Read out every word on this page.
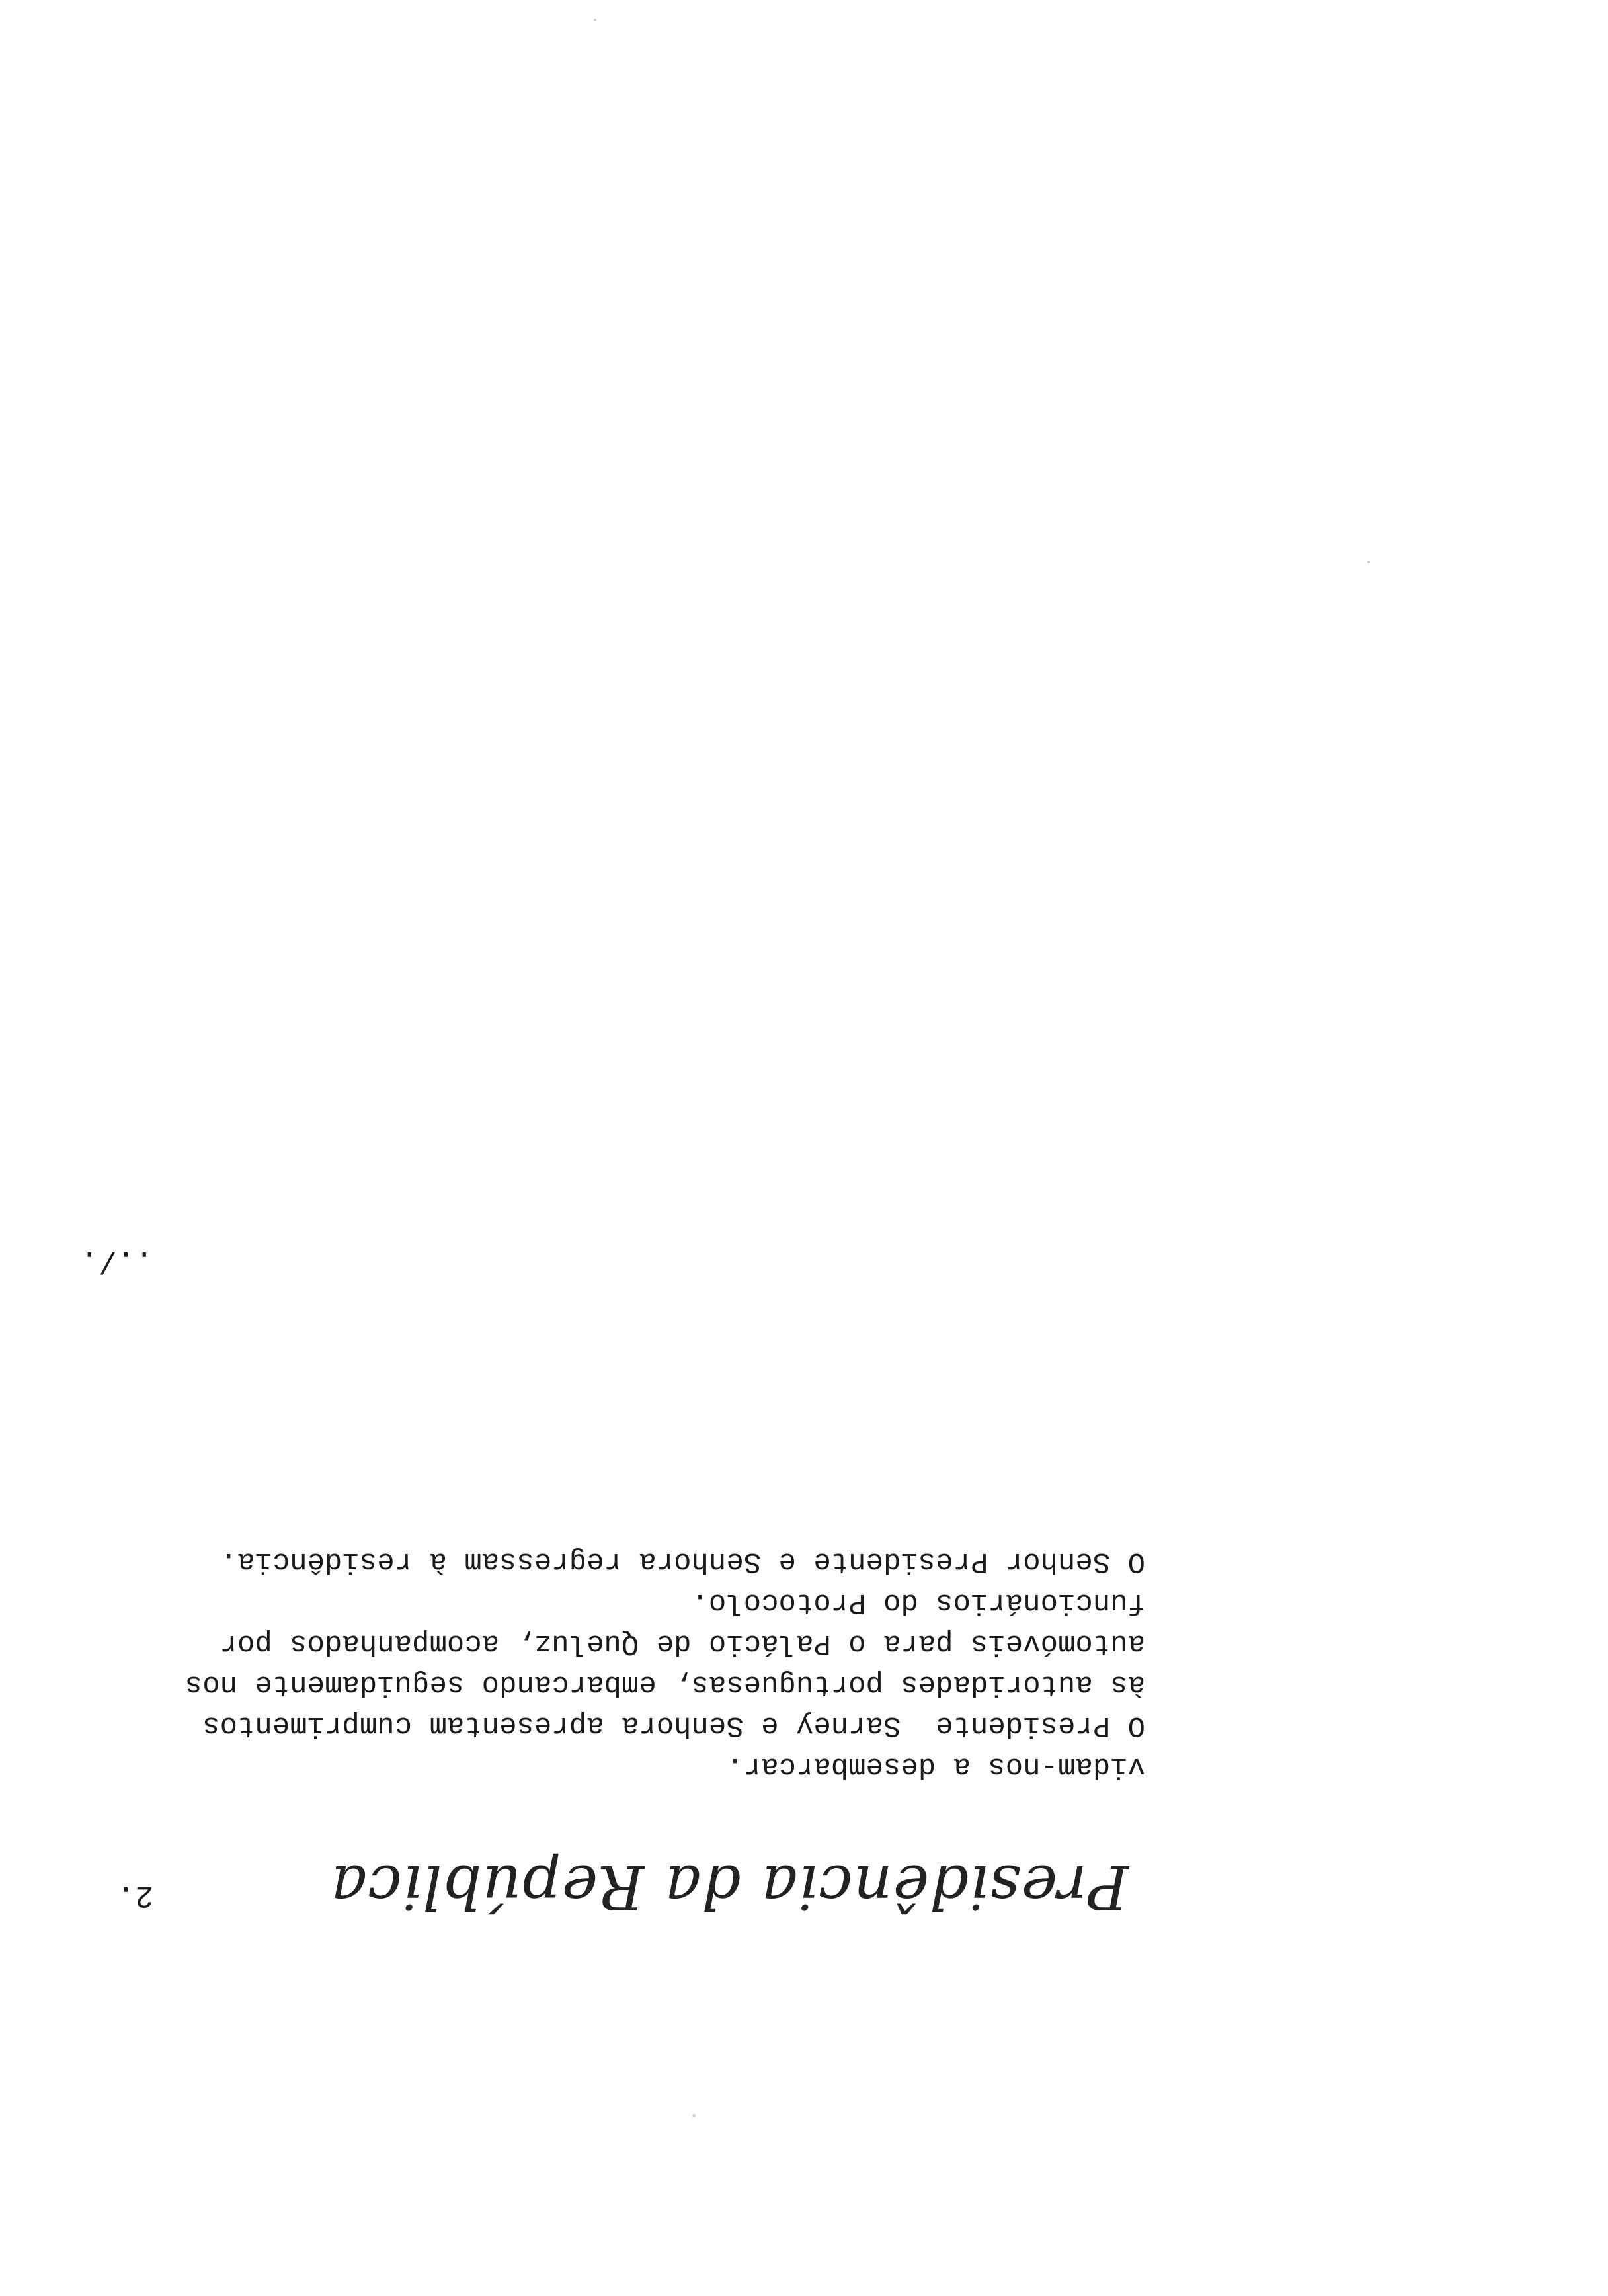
Presidência da República
2.
vidam-nos a desembarcar.
O Presidente  Sarney e Senhora apresentam cumprimentos
às autoridades portuguesas, embarcando seguidamente nos
automóveis para o Palácio de Queluz, acompanhados por
funcionários do Protocolo.
O Senhor Presidente e Senhora regressam à residência.
../.
